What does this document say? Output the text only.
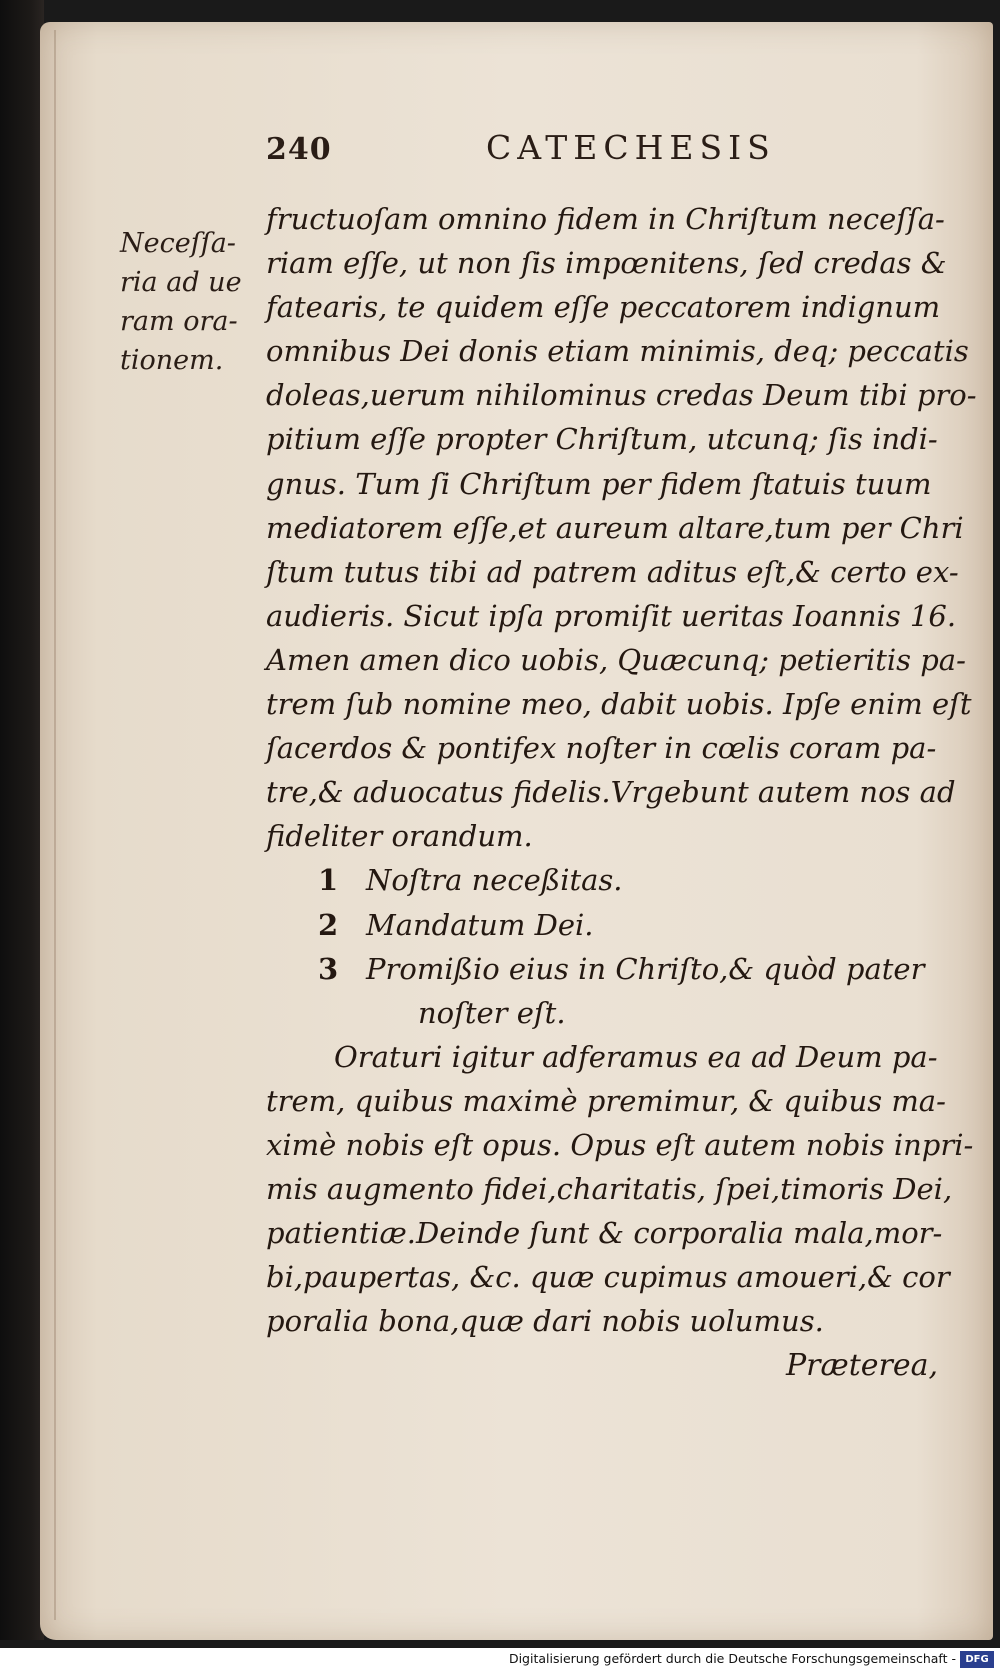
240	CATECHESIS
Neceſſa-
ria ad ue
ram ora-
tionem.
fructuoſam omnino fidem in Chriſtum neceſſa-
riam eſſe, ut non ſis impœnitens, ſed credas &
fatearis, te quidem eſſe peccatorem indignum
omnibus Dei donis etiam minimis, deq; peccatis
doleas,uerum nihilominus credas Deum tibi pro-
pitium eſſe propter Chriſtum, utcunq; ſis indi-
gnus. Tum ſi Chriſtum per fidem ſtatuis tuum
mediatorem eſſe,et aureum altare,tum per Chri
ſtum tutus tibi ad patrem aditus eſt,& certo ex-
audieris. Sicut ipſa promiſit ueritas Ioannis 16.
Amen amen dico uobis, Quæcunq; petieritis pa-
trem ſub nomine meo, dabit uobis. Ipſe enim eſt
ſacerdos & pontifex noſter in cœlis coram pa-
tre,& aduocatus fidelis.Vrgebunt autem nos ad
fideliter orandum.
1 Noſtra neceßitas.
2 Mandatum Dei.
3 Promißio eius in Chriſto,& quòd pater
noſter eſt.
Oraturi igitur adferamus ea ad Deum pa-
trem, quibus maximè premimur, & quibus ma-
ximè nobis eſt opus. Opus eſt autem nobis inpri-
mis augmento fidei,charitatis, ſpei,timoris Dei,
patientiæ.Deinde ſunt & corporalia mala,mor-
bi,paupertas, &c. quæ cupimus amoueri,& cor
poralia bona,quæ dari nobis uolumus.
Præterea,
Digitalisierung gefördert durch die Deutsche Forschungsgemeinschaft - DFG
